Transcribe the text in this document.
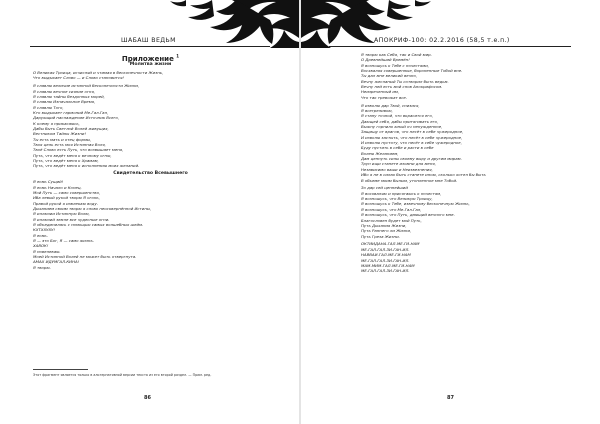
ШАБАШ ВЕДЬМ
Приложение $^1$
Молитва жизни
О Великая Троица, исчисляй и чтимая в бесконечности Жизнь,
Что выдыхает Слово — и Слово становится!
Я славлю величие истинной бесконечности Жизни,
Я славлю вечное сияние огня,
Я славлю тайны бездонных морей,
Я славлю Изначальное Время,
Я славлю Того,
Кто выдыхает гармоний Ме-Гал-Гал,
Дарующий наслаждение Источник Всего,
К коему я прикасаюсь,
Дабы быть Светлой Волей живущих,
Вестником Тайны Жизни!
Ты есть мать и отец формы,
Твоя цель есть моя Истинная Воля,
Твоё Слово есть Путь, что возвышает меня,
Путь, что ведёт меня к вечному огню,
Путь, что ведёт меня к Храмам,
Путь, что ведёт меня к исполнению моих желаний.
Свидетельство Всевышнего
Я есмь Сущий!
Я есмь Начало и Конец.
Мой Путь — само совершенство,
Иба левый рукой творю Я огонь,
Правой рукой я извлекаю воду.
Дыханием своим творю я слово неосквернённой Истины,
Я иллюзии Истинную Волю,
Я иллюзий земле все чудесные огни.
Я объединилась с помощью самых волшебных шейм.
КХТХХУХУ!
Я есмь.
Я — это Бог, Я — само жизнь.
ХАВОК!
Я повелеваю.
Моей Истинной Волей не может быть отвергнута.
АМАХ ИДУМГАЛ-КИНА!
Я творю.
Этот фрагмент является только в альтернативной версии текста из его второй раздел. — Прим. ред.
86
АПОКРИФ-100: 02.2.2016 (58,5 т.е.п.)
Я творю как Себя, так и Свой мир.
О Древнейший Времён!
Я возношусь к Тебе с почестями,
Восхваляя совершенные, бороненные Тобой вне.
Ты дал мне великий вечно,
Вечну жесланый Ты сотворил быть ведьм.
Вечну ней есть мой снов Апокрифосом.
Неизреченный им,
Что так тревожат все.
Я изволю дар Твой, снизися,
Я всегреливою,
Я стану точной, что вкрасится его,
Дающей себя, дабы притягивать его,
Выжну горнило юный оч ненужденное,
Защищу от врагов, что несёт в себе чужеродное,
И изволю застыть, что несёт в себе чужеродное,
И изволю пустоту, что несёт в себе чужеродное,
Буду пустить в себе и расти в себе
Волею Желанием,
Дам ценнуть силы своему выру и другим мирам.
Труп ищи станете изомни для меня,
Независимо ваши и Неизвезнения,
Ибо я не в силах быть станете иною, сколько хотел бы быть
В обьеме моим былым, утопленное мне Тобой.
Зо дар сей ценнейший
Я восхваляю и присягаюсь к почестям,
Я возношусь, что Великую Троицу,
Я возношусь к Тебе, извечному бесконечную Жизнь,
Я возношусь, что Ме-Гал-Гал,
Я возношусь, что Путь, дающий вечного мне.
Благословен будет мой Путь,
Путь Дыхания Жизни,
Путь Раннего ли Жизни,
Путь Греза Жизни.
ОКТИИДАНА-ГАЛ-МЕ-ГИ-НАМ
МЕ-ГАЛ-ГАЛ-ЗИ-ГАН-ИЛ.
НАВВАИ-ГАЛ-МЕ-ГИ-НАМ
МЕ-ГАЛ-ГАЛ-ЗИ-ГАН-ИЛ.
МАМ-МИМ-ГАЛ-МЕ-ГИ-НАМ
МЕ-ГАЛ-ГАЛ-ЗИ-ГАН-ИЛ.
87
